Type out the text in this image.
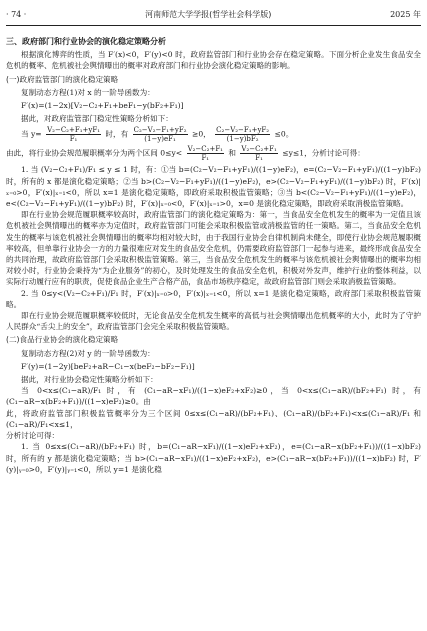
· 74 ·	河南师范大学学报(哲学社会科学版)	2025 年
三、政府部门和行业协会的演化稳定策略分析

根据演化博弈的性质，当 F′(x)<0，F′(y)<0 时，政府监管部门和行业协会存在稳定策略。下面分析企业发生食品安全危机的概率、危机被社会舆情曝出的概率对政府部门和行业协会演化稳定策略的影响。

(一)政府监管部门的演化稳定策略

复制动态方程(1)对 x 的一阶导函数为：

F′(x)=(1−2x)[V₂−C₂+F₁+beF₁−y(bF₂+F₁)]

据此，对政府监管部门稳定性策略分析如下：

当 $y= \frac{\text{V₂−C₂+F₁+yF₁}}{\text{F₁}}$ 时，有 $\frac{\text{C₂−V₂−F₁+yF₂}}{\text{(1−y)eF₁}} \ge 0$， $\frac{\text{C₂−V₂−F₁+yF₂}}{\text{(1−y)bF₂}} \le 0$。
由此，将行业协会规范履职概率分为两个区间 $0\le y< \frac{\text{V₂−C₂+F₁}}{\text{F₁}}$ 和 $\frac{\text{V₂−C₂+F₁}}{\text{F₁}} \le y\le 1$，分析讨论可得：

1. 当 (V₂−C₂+F₁)/F₁ ≤ y ≤ 1 时，有：①当 b=(C₂−V₂−F₁+yF₁)/((1−y)eF₂)，e=(C₂−V₂−F₁+yF₁)/((1−y)bF₂) 时，所有的 x 都是演化稳定策略；②当 b>(C₂−V₂−F₁+yF₁)/((1−y)eF₂)，e>(C₂−V₂−F₁+yF₁)/((1−y)bF₂) 时，F′(x)|ₓ₌₀>0，F′(x)|ₓ₌₁<0，所以 x=1 是演化稳定策略，即政府采取积极监管策略；③当 b<(C₂−V₂−F₁+yF₁)/((1−y)eF₂)，e<(C₂−V₂−F₁+yF₁)/((1−y)bF₂) 时，F′(x)|ₓ₌₀<0，F′(x)|ₓ₌₁>0，x=0 是演化稳定策略，即政府采取消极监管策略。

即在行业协会规范履职概率较高时，政府监管部门的演化稳定策略为：第一，当食品安全危机发生的概率为一定值且该危机被社会舆情曝出的概率亦为定值时，政府监管部门可能会采取积极监管或消极监管的任一策略。第二，当食品安全危机发生的概率与该危机被社会舆情曝出的概率均相对较大时，由于我国行业协会自律机制尚未健全，即使行业协会规范履职概率较高，但单靠行业协会一方的力量很难应对发生的食品安全危机，仍需要政府监管部门一起参与进来，最终形成食品安全的共同治理，故政府监管部门会采取积极监管策略。第三，当食品安全危机发生的概率与该危机被社会舆情曝出的概率均相对较小时，行业协会秉持为“为企业服务”的初心，及时处理发生的食品安全危机，积极对外发声，维护行业的整体利益，以实际行动履行应有的职责，促使食品企业生产合格产品，食品市场秩序稳定，故政府监管部门则会采取消极监管策略。

2. 当 0≤y<(V₂−C₂+F₁)/F₁ 时，F′(x)|ₓ₌₀>0，F′(x)|ₓ₌₁<0，所以 x=1 是演化稳定策略，政府部门采取积极监管策略。

即在行业协会规范履职概率较低时，无论食品安全危机发生概率的高低与社会舆情曝出危机概率的大小，此时为了守护人民群众“舌尖上的安全”，政府监管部门会完全采取积极监管策略。

(二)食品行业协会的演化稳定策略

复制动态方程(2)对 y 的一阶导函数为：

F′(y)=(1−2y)[beF₂+aR−C₁−x(beF₂−bF₂−F₁)]

据此，对行业协会稳定性策略分析如下：

当 0<x≤(C₁−aR)/F₁ 时，有 (C₁−aR−xF₁)/((1−x)eF₂+xF₂)≥0，当 0<x≤(C₁−aR)/(bF₂+F₁) 时，有 (C₁−aR−x(bF₂+F₁))/((1−x)eF₂)≥0。由

此，将政府监管部门积极监管概率分为三个区间 0≤x≤(C₁−aR)/(bF₂+F₁)、(C₁−aR)/(bF₂+F₁)<x≤(C₁−aR)/F₁ 和 (C₁−aR)/F₁<x≤1，

分析讨论可得：

1. 当 0≤x≤(C₁−aR)/(bF₂+F₁) 时，b=(C₁−aR−xF₁)/((1−x)eF₂+xF₂)，e=(C₁−aR−x(bF₂+F₁))/((1−x)bF₂) 时，所有的 y 都是演化稳定策略；当 b>(C₁−aR−xF₁)/((1−x)eF₂+xF₂)，e>(C₁−aR−x(bF₂+F₁))/((1−x)bF₂) 时，F′(y)|ᵧ₌₀>0，F′(y)|ᵧ₌₁<0，所以 y=1 是演化稳
